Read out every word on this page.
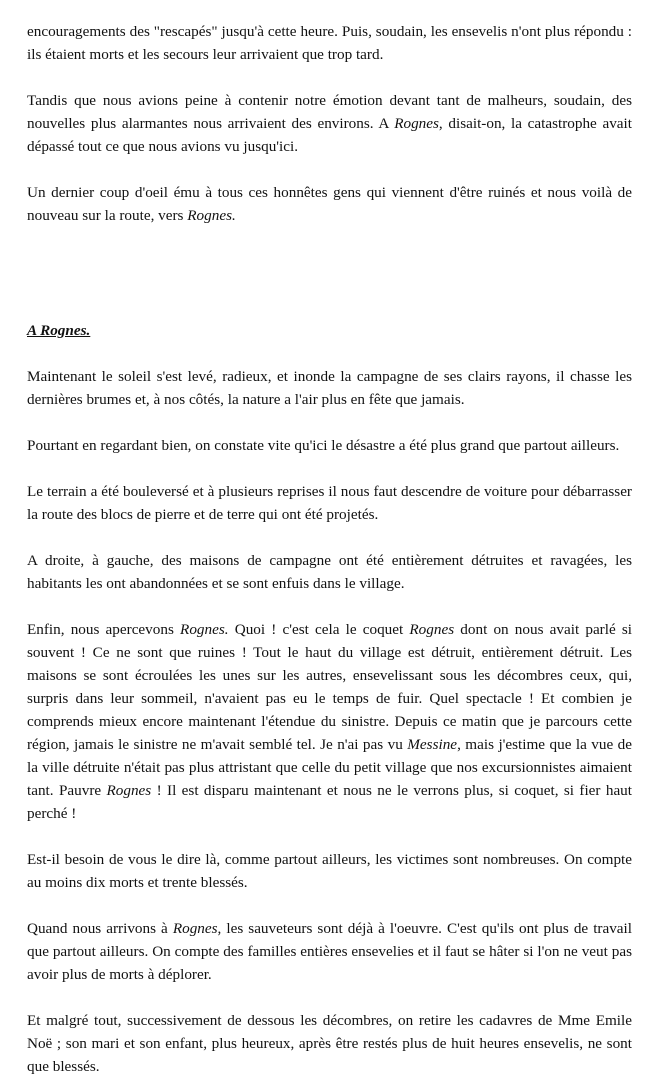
encouragements des "rescapés" jusqu'à cette heure. Puis, soudain, les ensevelis n'ont plus répondu : ils étaient morts et les secours leur arrivaient que trop tard.

Tandis que nous avions peine à contenir notre émotion devant tant de malheurs, soudain, des nouvelles plus alarmantes nous arrivaient des environs. A Rognes, disait-on, la catastrophe avait dépassé tout ce que nous avions vu jusqu'ici.

Un dernier coup d'oeil ému à tous ces honnêtes gens qui viennent d'être ruinés et nous voilà de nouveau sur la route, vers Rognes.

A Rognes.

Maintenant le soleil s'est levé, radieux, et inonde la campagne de ses clairs rayons, il chasse les dernières brumes et, à nos côtés, la nature a l'air plus en fête que jamais.

Pourtant en regardant bien, on constate vite qu'ici le désastre a été plus grand que partout ailleurs.

Le terrain a été bouleversé et à plusieurs reprises il nous faut descendre de voiture pour débarrasser la route des blocs de pierre et de terre qui ont été projetés.

A droite, à gauche, des maisons de campagne ont été entièrement détruites et ravagées, les habitants les ont abandonnées et se sont enfuis dans le village.

Enfin, nous apercevons Rognes. Quoi ! c'est cela le coquet Rognes dont on nous avait parlé si souvent ! Ce ne sont que ruines ! Tout le haut du village est détruit, entièrement détruit. Les maisons se sont écroulées les unes sur les autres, ensevelissant sous les décombres ceux, qui, surpris dans leur sommeil, n'avaient pas eu le temps de fuir. Quel spectacle ! Et combien je comprends mieux encore maintenant l'étendue du sinistre. Depuis ce matin que je parcours cette région, jamais le sinistre ne m'avait semblé tel. Je n'ai pas vu Messine, mais j'estime que la vue de la ville détruite n'était pas plus attristant que celle du petit village que nos excursionnistes aimaient tant. Pauvre Rognes ! Il est disparu maintenant et nous ne le verrons plus, si coquet, si fier haut perché !

Est-il besoin de vous le dire là, comme partout ailleurs, les victimes sont nombreuses. On compte au moins dix morts et trente blessés.

Quand nous arrivons à Rognes, les sauveteurs sont déjà à l'oeuvre. C'est qu'ils ont plus de travail que partout ailleurs. On compte des familles entières ensevelies et il faut se hâter si l'on ne veut pas avoir plus de morts à déplorer.

Et malgré tout, successivement de dessous les décombres, on retire les cadavres de Mme Emile Noë ; son mari et son enfant, plus heureux, après être restés plus de huit heures ensevelis, ne sont que blessés.
